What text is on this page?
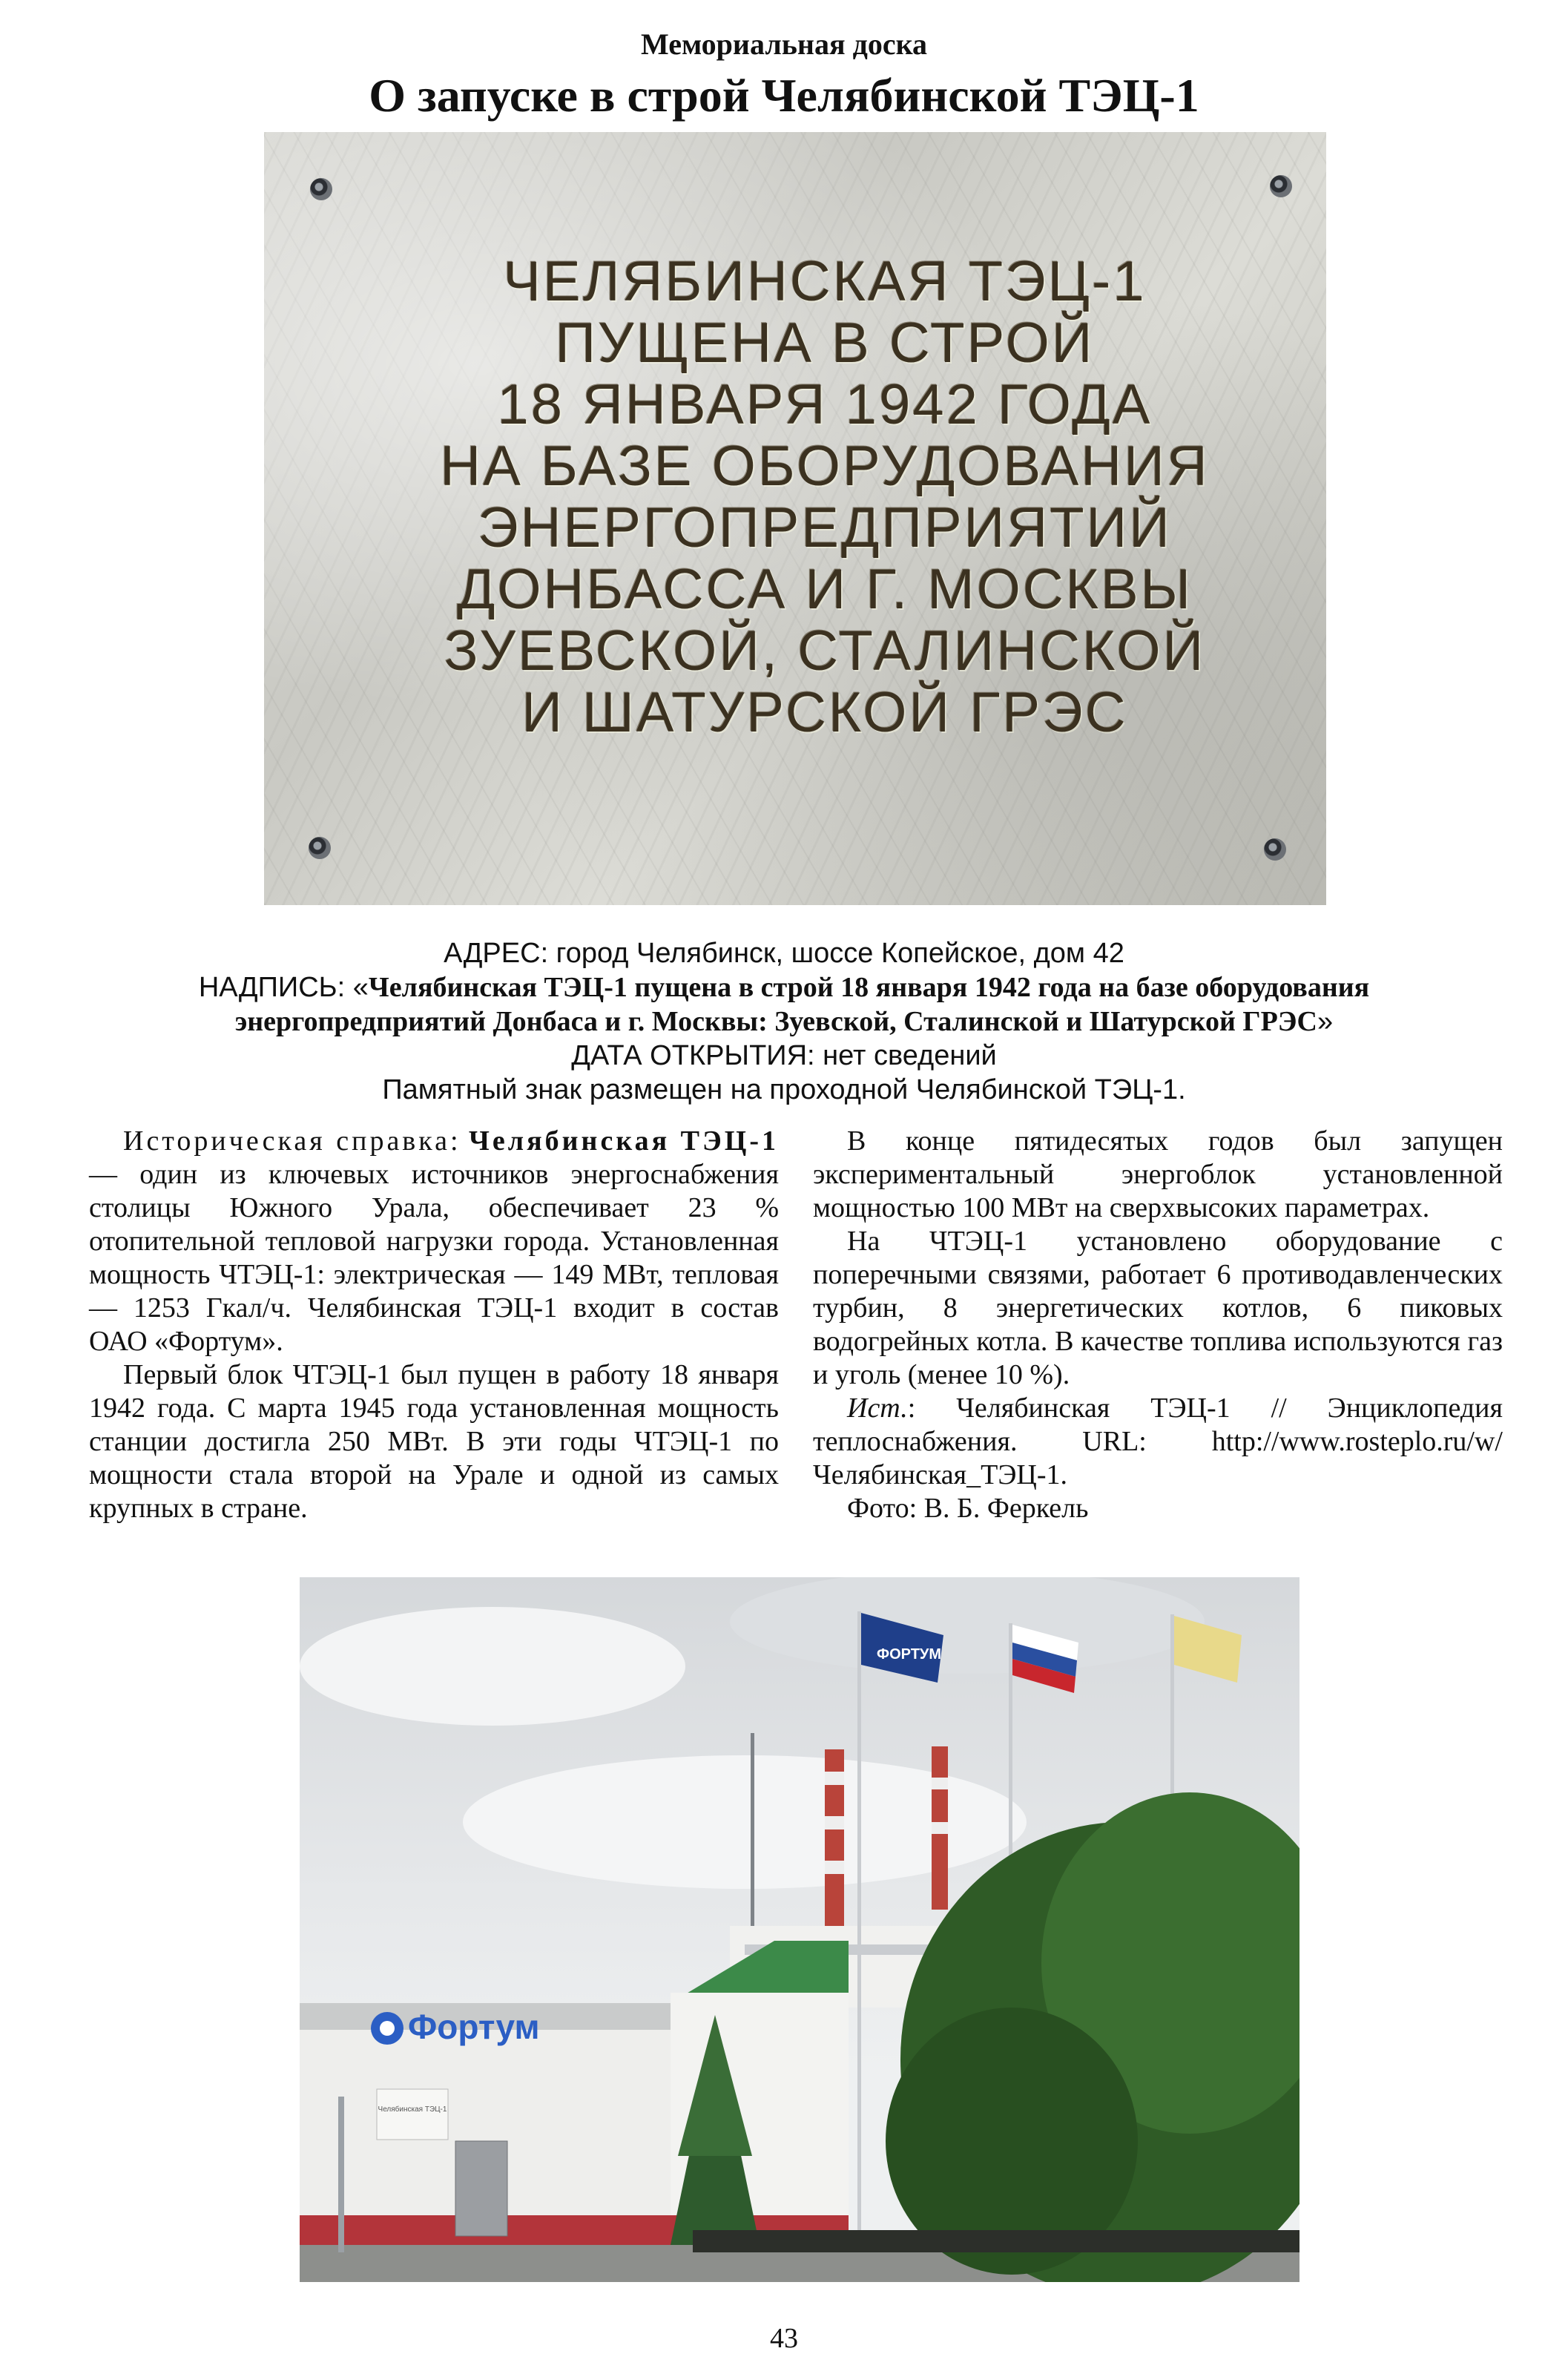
Мемориальная доска
О запуске в строй Челябинской ТЭЦ-1
ЧЕЛЯБИНСКАЯ ТЭЦ-1
ПУЩЕНА В СТРОЙ
18 ЯНВАРЯ 1942 ГОДА
НА БАЗЕ ОБОРУДОВАНИЯ
ЭНЕРГОПРЕДПРИЯТИЙ
ДОНБАССА И Г. МОСКВЫ
ЗУЕВСКОЙ, СТАЛИНСКОЙ
И ШАТУРСКОЙ ГРЭС
АДРЕС: город Челябинск, шоссе Копейское, дом 42
НАДПИСЬ: «Челябинская ТЭЦ-1 пущена в строй 18 января 1942 года на базе оборудования
энергопредприятий Донбаса и г. Москвы: Зуевской, Сталинской и Шатурской ГРЭС»
ДАТА ОТКРЫТИЯ: нет сведений
Памятный знак размещен на проходной Челябинской ТЭЦ-1.

Историческая справка: Челябинская ТЭЦ-1 — один из ключевых источников энергоснабжения столицы Южного Урала, обеспечивает 23 % отопительной тепловой нагрузки города. Установленная мощность ЧТЭЦ-1: электрическая — 149 МВт, тепловая — 1253 Гкал/ч. Челябинская ТЭЦ-1 входит в состав ОАО «Фортум».

Первый блок ЧТЭЦ-1 был пущен в работу 18 января 1942 года. С марта 1945 года установленная мощность станции достигла 250 МВт. В эти годы ЧТЭЦ-1 по мощности стала второй на Урале и одной из самых крупных в стране.

В конце пятидесятых годов был запущен экспериментальный энергоблок установленной мощностью 100 МВт на сверхвысоких параметрах.

На ЧТЭЦ-1 установлено оборудование с поперечными связями, работает 6 противодавленческих турбин, 8 энергетических котлов, 6 пиковых водогрейных котла. В качестве топлива используются газ и уголь (менее 10 %).

Ист.: Челябинская ТЭЦ-1 // Энциклопедия теплоснабжения. URL: http://www.rosteplo.ru/w/Челябинская_ТЭЦ-1.

Фото: В. Б. Феркель

ФОРТУМ
Фортум
Челябинская ТЭЦ-1
43
